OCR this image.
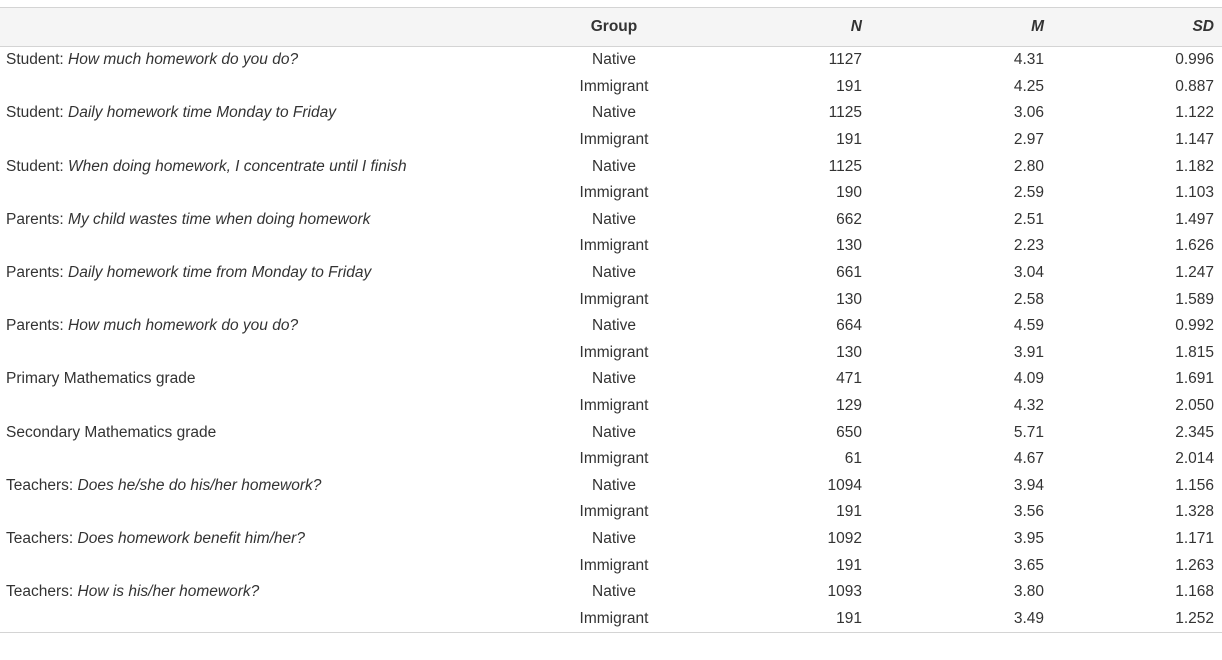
	Group	N	M	SD
Student: How much homework do you do?	Native	1127	4.31	0.996
	Immigrant	191	4.25	0.887
Student: Daily homework time Monday to Friday	Native	1125	3.06	1.122
	Immigrant	191	2.97	1.147
Student: When doing homework, I concentrate until I finish	Native	1125	2.80	1.182
	Immigrant	190	2.59	1.103
Parents: My child wastes time when doing homework	Native	662	2.51	1.497
	Immigrant	130	2.23	1.626
Parents: Daily homework time from Monday to Friday	Native	661	3.04	1.247
	Immigrant	130	2.58	1.589
Parents: How much homework do you do?	Native	664	4.59	0.992
	Immigrant	130	3.91	1.815
Primary Mathematics grade	Native	471	4.09	1.691
	Immigrant	129	4.32	2.050
Secondary Mathematics grade	Native	650	5.71	2.345
	Immigrant	61	4.67	2.014
Teachers: Does he/she do his/her homework?	Native	1094	3.94	1.156
	Immigrant	191	3.56	1.328
Teachers: Does homework benefit him/her?	Native	1092	3.95	1.171
	Immigrant	191	3.65	1.263
Teachers: How is his/her homework?	Native	1093	3.80	1.168
	Immigrant	191	3.49	1.252
